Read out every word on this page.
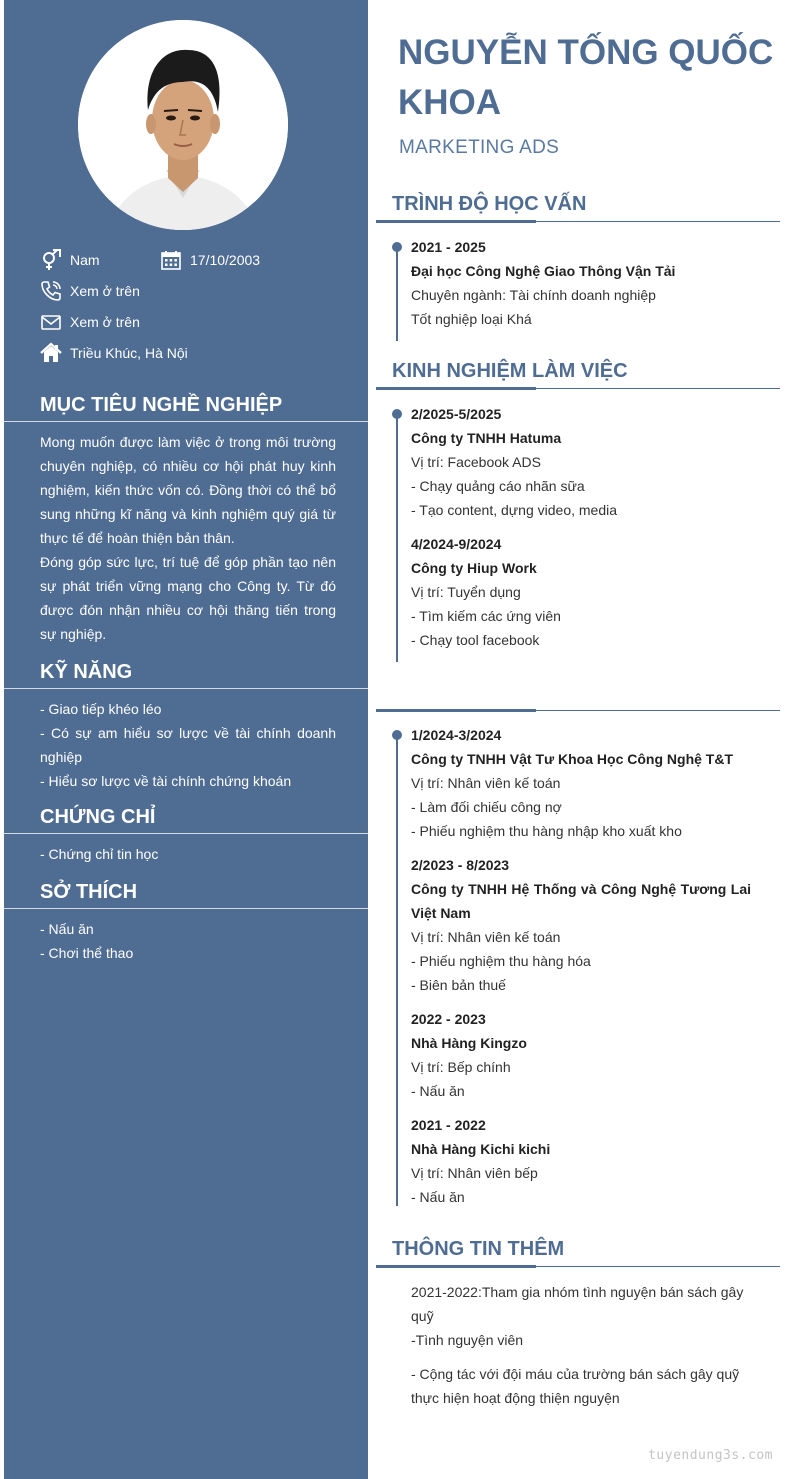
Nam	17/10/2003
Xem ở trên
Xem ở trên
Triều Khúc, Hà Nội
MỤC TIÊU NGHỀ NGHIỆP

Mong muốn được làm việc ở trong môi trường chuyên nghiệp, có nhiều cơ hội phát huy kinh nghiệm, kiến thức vốn có. Đồng thời có thể bổ sung những kĩ năng và kinh nghiệm quý giá từ thực tế để hoàn thiện bản thân.

Đóng góp sức lực, trí tuệ để góp phần tạo nên sự phát triển vững mạng cho Công ty. Từ đó được đón nhận nhiều cơ hội thăng tiến trong sự nghiệp.

KỸ NĂNG

- Giao tiếp khéo léo

- Có sự am hiểu sơ lược về tài chính doanh nghiệp

- Hiểu sơ lược về tài chính chứng khoán

CHỨNG CHỈ

- Chứng chỉ tin học

SỞ THÍCH

- Nấu ăn

- Chơi thể thao

NGUYỄN TỐNG QUỐC KHOA
MARKETING ADS
TRÌNH ĐỘ HỌC VẤN
2021 - 2025
Đại học Công Nghệ Giao Thông Vận Tải
Chuyên ngành: Tài chính doanh nghiệp
Tốt nghiệp loại Khá
KINH NGHIỆM LÀM VIỆC
2/2025-5/2025
Công ty TNHH Hatuma
Vị trí: Facebook ADS
- Chạy quảng cáo nhãn sữa
- Tạo content, dựng video, media
4/2024-9/2024
Công ty Hiup Work
Vị trí: Tuyển dụng
- Tìm kiếm các ứng viên
- Chạy tool facebook
1/2024-3/2024
Công ty TNHH Vật Tư Khoa Học Công Nghệ T&T
Vị trí: Nhân viên kế toán
- Làm đối chiếu công nợ
- Phiếu nghiệm thu hàng nhập kho xuất kho
2/2023 - 8/2023
Công ty TNHH Hệ Thống và Công Nghệ Tương Lai Việt Nam
Vị trí: Nhân viên kế toán
- Phiếu nghiệm thu hàng hóa
- Biên bản thuế
2022 - 2023
Nhà Hàng Kingzo
Vị trí: Bếp chính
- Nấu ăn
2021 - 2022
Nhà Hàng Kichi kichi
Vị trí: Nhân viên bếp
- Nấu ăn
THÔNG TIN THÊM
2021-2022:Tham gia nhóm tình nguyện bán sách gây quỹ
-Tình nguyện viên
- Cộng tác với đội máu của trường bán sách gây quỹ thực hiện hoạt động thiện nguyện
tuyendung3s.com
